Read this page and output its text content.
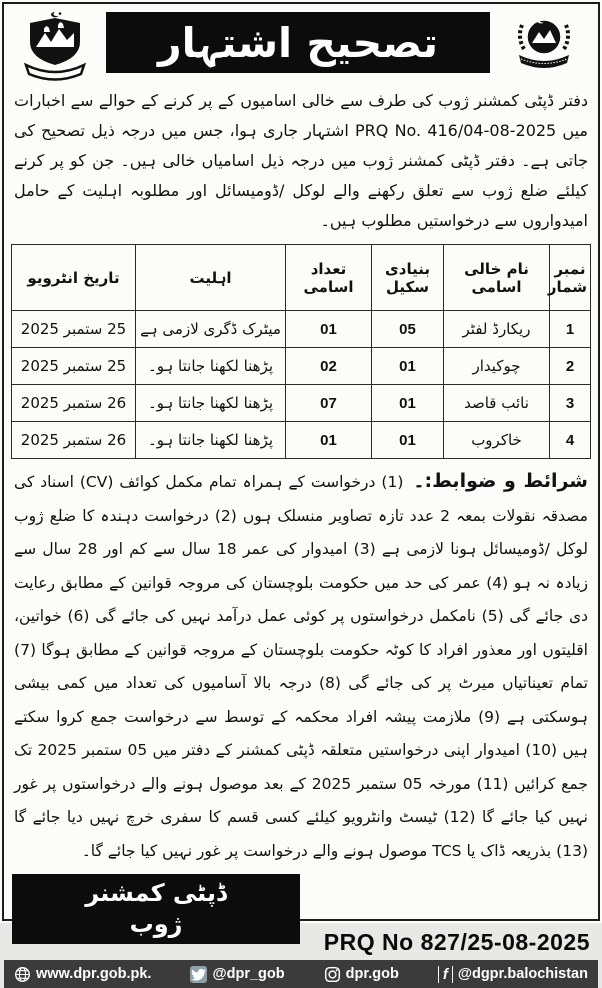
تصحیح اشتہار

دفتر ڈپٹی کمشنر ژوب کی طرف سے خالی اسامیوں کے پر کرنے کے حوالے سے اخبارات میں PRQ No. 416/04-08-2025 اشتہار جاری ہوا، جس میں درجہ ذیل تصحیح کی جاتی ہے۔ دفتر ڈپٹی کمشنر ژوب میں درجہ ذیل اسامیاں خالی ہیں۔ جن کو پر کرنے کیلئے ضلع ژوب سے تعلق رکھنے والے لوکل /ڈومیسائل اور مطلوبہ اہلیت کے حامل امیدواروں سے درخواستیں مطلوب ہیں۔

نمبر شمار	نام خالی اسامی	بنیادی سکیل	تعداد اسامی	اہلیت	تاریخ انٹرویو
1	ریکارڈ لفٹر	05	01	میٹرک ڈگری لازمی ہے	25 ستمبر 2025
2	چوکیدار	01	02	پڑھنا لکھنا جانتا ہو۔	25 ستمبر 2025
3	نائب قاصد	01	07	پڑھنا لکھنا جانتا ہو۔	26 ستمبر 2025
4	خاکروب	01	01	پڑھنا لکھنا جانتا ہو۔	26 ستمبر 2025

شرائط و ضوابط:۔ (1) درخواست کے ہمراہ تمام مکمل کوائف (CV) اسناد کی مصدقہ نقولات بمعہ 2 عدد تازہ تصاویر منسلک ہوں (2) درخواست دہندہ کا ضلع ژوب لوکل /ڈومیسائل ہونا لازمی ہے (3) امیدوار کی عمر 18 سال سے کم اور 28 سال سے زیادہ نہ ہو (4) عمر کی حد میں حکومت بلوچستان کی مروجہ قوانین کے مطابق رعایت دی جائے گی (5) نامکمل درخواستوں پر کوئی عمل درآمد نہیں کی جائے گی (6) خواتین، اقلیتوں اور معذور افراد کا کوٹہ حکومت بلوچستان کے مروجہ قوانین کے مطابق ہوگا (7) تمام تعیناتیاں میرٹ پر کی جائے گی (8) درجہ بالا آسامیوں کی تعداد میں کمی بیشی ہوسکتی ہے (9) ملازمت پیشہ افراد محکمہ کے توسط سے درخواست جمع کروا سکتے ہیں (10) امیدوار اپنی درخواستیں متعلقہ ڈپٹی کمشنر کے دفتر میں 05 ستمبر 2025 تک جمع کرائیں (11) مورخہ 05 ستمبر 2025 کے بعد موصول ہونے والے درخواستوں پر غور نہیں کیا جائے گا (12) ٹیسٹ وانٹرویو کیلئے کسی قسم کا سفری خرچ نہیں دیا جائے گا (13) بذریعہ ڈاک یا TCS موصول ہونے والے درخواست پر غور نہیں کیا جائے گا۔

ڈپٹی کمشنر
ژوب
PRQ No 827/25-08-2025
www.dpr.gob.pk.	@dpr_gob	dpr.gob	f @dgpr.balochistan
